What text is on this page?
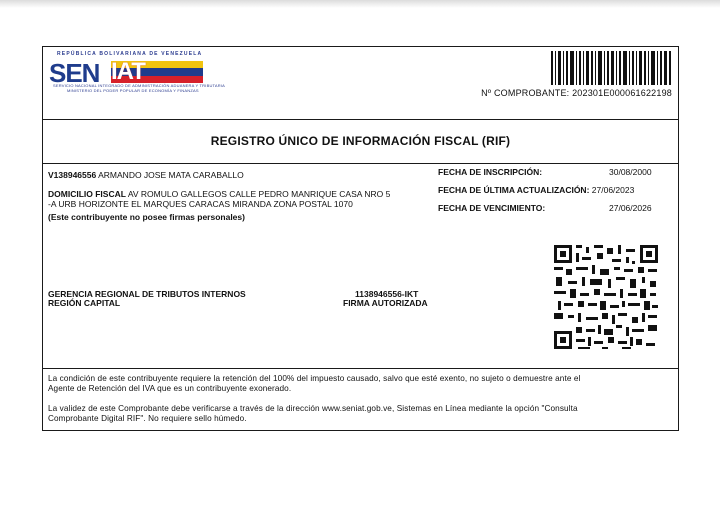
REPÚBLICA BOLIVARIANA DE VENEZUELA
SEN IAT
SERVICIO NACIONAL INTEGRADO DE ADMINISTRACIÓN ADUANERA Y TRIBUTARIA
MINISTERIO DEL PODER POPULAR DE ECONOMÍA Y FINANZAS	Nº COMPROBANTE: 202301E000061622198
REGISTRO ÚNICO DE INFORMACIÓN FISCAL (RIF)
V138946556 ARMANDO JOSE MATA CARABALLO
DOMICILIO FISCAL AV ROMULO GALLEGOS CALLE PEDRO MANRIQUE CASA NRO 5
-A URB HORIZONTE EL MARQUES CARACAS MIRANDA ZONA POSTAL 1070
(Este contribuyente no posee firmas personales)
FECHA DE INSCRIPCIÓN:	30/08/2000
FECHA DE ÚLTIMA ACTUALIZACIÓN: 27/06/2023
FECHA DE VENCIMIENTO:	27/06/2026
GERENCIA REGIONAL DE TRIBUTOS INTERNOS
REGIÓN CAPITAL
1138946556-IKT
FIRMA AUTORIZADA
La condición de este contribuyente requiere la retención del 100% del impuesto causado, salvo que esté exento, no sujeto o demuestre ante el
Agente de Retención del IVA que es un contribuyente exonerado.
La validez de este Comprobante debe verificarse a través de la dirección www.seniat.gob.ve, Sistemas en Línea mediante la opción "Consulta
Comprobante Digital RIF". No requiere sello húmedo.
